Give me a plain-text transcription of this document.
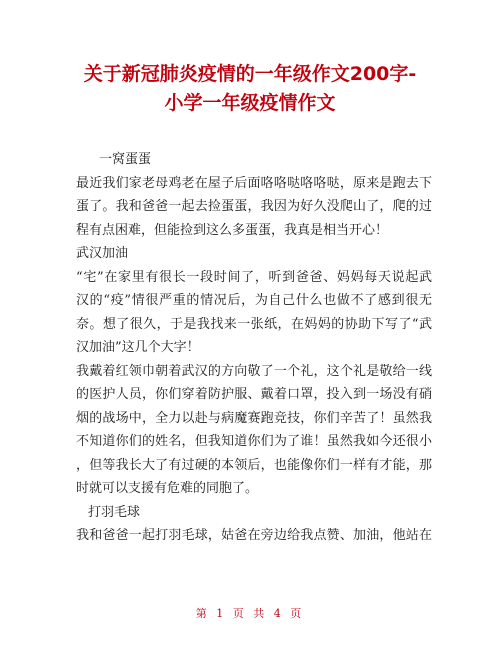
关于新冠肺炎疫情的一年级作文200字-
小学一年级疫情作文
一窝蛋蛋
最近我们家老母鸡老在屋子后面咯咯哒咯咯哒，原来是跑去下
蛋了。我和爸爸一起去捡蛋蛋，我因为好久没爬山了，爬的过
程有点困难，但能捡到这么多蛋蛋，我真是相当开心！
武汉加油
“宅”在家里有很长一段时间了，听到爸爸、妈妈每天说起武
汉的“疫”情很严重的情况后，为自己什么也做不了感到很无
奈。想了很久，于是我找来一张纸，在妈妈的协助下写了“武
汉加油”这几个大字！
我戴着红领巾朝着武汉的方向敬了一个礼，这个礼是敬给一线
的医护人员，你们穿着防护服、戴着口罩，投入到一场没有硝
烟的战场中，全力以赴与病魔赛跑竞技，你们辛苦了！虽然我
不知道你们的姓名，但我知道你们为了谁！虽然我如今还很小
，但等我长大了有过硬的本领后，也能像你们一样有才能，那
时就可以支援有危难的同胞了。
打羽毛球
我和爸爸一起打羽毛球，姑爸在旁边给我点赞、加油，他站在
第 1 页 共 4 页
